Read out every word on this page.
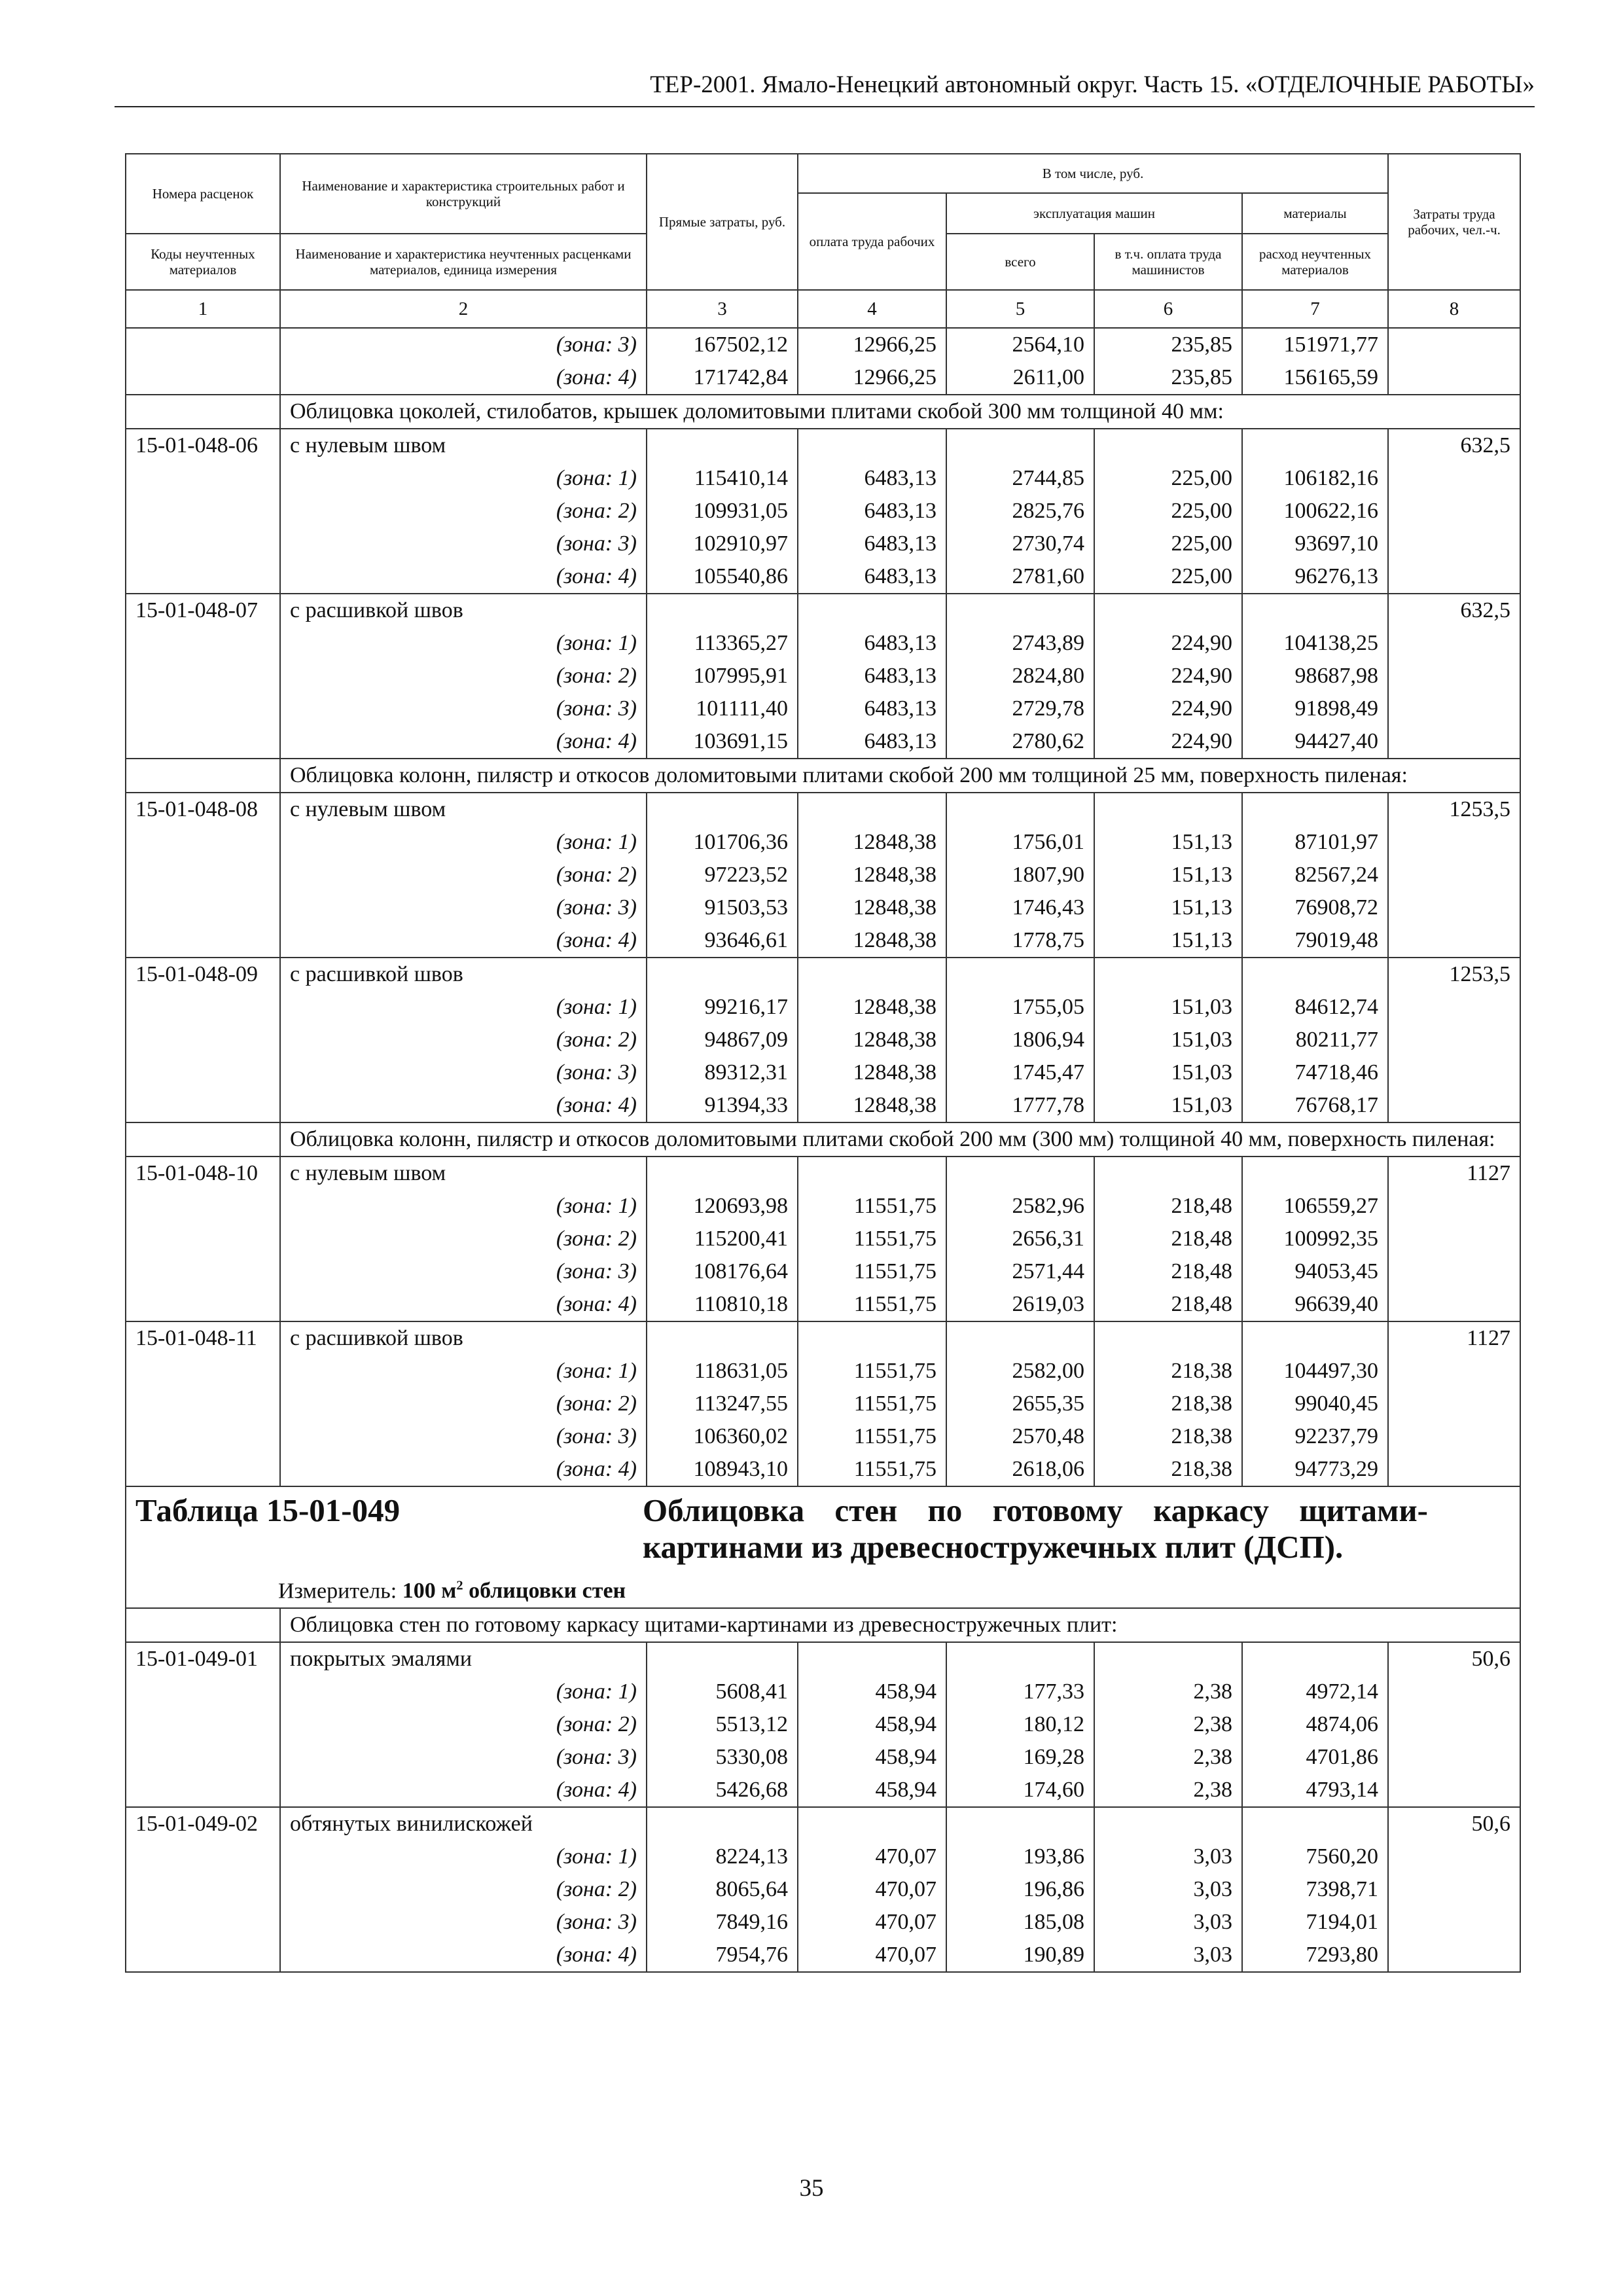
ТЕР-2001. Ямало-Ненецкий автономный округ. Часть 15. «ОТДЕЛОЧНЫЕ РАБОТЫ»
Номера расценок	Наименование и характеристика строительных работ и конструкций	Прямые затраты, руб.	В том числе, руб.				Затраты труда рабочих, чел.-ч.
			оплата труда рабочих	эксплуатация машин		материалы	
Коды неучтенных материалов	Наименование и характеристика неучтенных расценками материалов, единица измерения			всего	в т.ч. оплата труда машинистов	расход неучтенных материалов	
1	2	3	4	5	6	7	8
	(зона: 3)	167502,12	12966,25	2564,10	235,85	151971,77	
	(зона: 4)	171742,84	12966,25	2611,00	235,85	156165,59	
	Облицовка цоколей, стилобатов, крышек доломитовыми плитами скобой 300 мм толщиной 40 мм:						
15-01-048-06	с нулевым швом						632,5
	(зона: 1)	115410,14	6483,13	2744,85	225,00	106182,16	
	(зона: 2)	109931,05	6483,13	2825,76	225,00	100622,16	
	(зона: 3)	102910,97	6483,13	2730,74	225,00	93697,10	
	(зона: 4)	105540,86	6483,13	2781,60	225,00	96276,13	
15-01-048-07	с расшивкой швов						632,5
	(зона: 1)	113365,27	6483,13	2743,89	224,90	104138,25	
	(зона: 2)	107995,91	6483,13	2824,80	224,90	98687,98	
	(зона: 3)	101111,40	6483,13	2729,78	224,90	91898,49	
	(зона: 4)	103691,15	6483,13	2780,62	224,90	94427,40	
	Облицовка колонн, пилястр и откосов доломитовыми плитами скобой 200 мм толщиной 25 мм, поверхность пиленая:						
15-01-048-08	с нулевым швом						1253,5
	(зона: 1)	101706,36	12848,38	1756,01	151,13	87101,97	
	(зона: 2)	97223,52	12848,38	1807,90	151,13	82567,24	
	(зона: 3)	91503,53	12848,38	1746,43	151,13	76908,72	
	(зона: 4)	93646,61	12848,38	1778,75	151,13	79019,48	
15-01-048-09	с расшивкой швов						1253,5
	(зона: 1)	99216,17	12848,38	1755,05	151,03	84612,74	
	(зона: 2)	94867,09	12848,38	1806,94	151,03	80211,77	
	(зона: 3)	89312,31	12848,38	1745,47	151,03	74718,46	
	(зона: 4)	91394,33	12848,38	1777,78	151,03	76768,17	
	Облицовка колонн, пилястр и откосов доломитовыми плитами скобой 200 мм (300 мм) толщиной 40 мм, поверхность пиленая:						
15-01-048-10	с нулевым швом						1127
	(зона: 1)	120693,98	11551,75	2582,96	218,48	106559,27	
	(зона: 2)	115200,41	11551,75	2656,31	218,48	100992,35	
	(зона: 3)	108176,64	11551,75	2571,44	218,48	94053,45	
	(зона: 4)	110810,18	11551,75	2619,03	218,48	96639,40	
15-01-048-11	с расшивкой швов						1127
	(зона: 1)	118631,05	11551,75	2582,00	218,38	104497,30	
	(зона: 2)	113247,55	11551,75	2655,35	218,38	99040,45	
	(зона: 3)	106360,02	11551,75	2570,48	218,38	92237,79	
	(зона: 4)	108943,10	11551,75	2618,06	218,38	94773,29	

Таблица 15-01-049 Облицовка стен по готовому каркасу щитами-картинами из древесностружечных плит (ДСП).
Измеритель: 100 $м^2$ облицовки стен							

	Облицовка стен по готовому каркасу щитами-картинами из древесностружечных плит:						
15-01-049-01	покрытых эмалями						50,6
	(зона: 1)	5608,41	458,94	177,33	2,38	4972,14	
	(зона: 2)	5513,12	458,94	180,12	2,38	4874,06	
	(зона: 3)	5330,08	458,94	169,28	2,38	4701,86	
	(зона: 4)	5426,68	458,94	174,60	2,38	4793,14	
15-01-049-02	обтянутых винилискожей						50,6
	(зона: 1)	8224,13	470,07	193,86	3,03	7560,20	
	(зона: 2)	8065,64	470,07	196,86	3,03	7398,71	
	(зона: 3)	7849,16	470,07	185,08	3,03	7194,01	
	(зона: 4)	7954,76	470,07	190,89	3,03	7293,80	
35
